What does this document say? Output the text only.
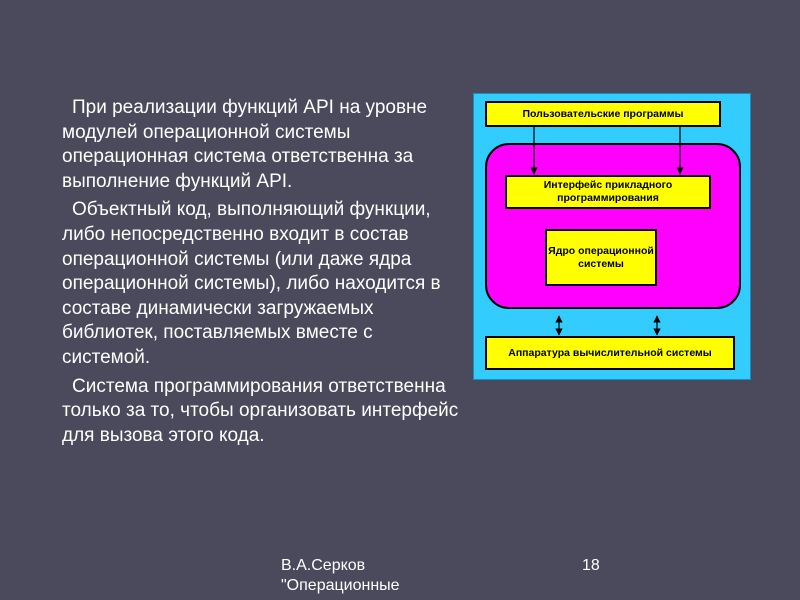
При реализации функций API на уровне модулей операционной системы операционная система ответственна за выполнение функций API.

Объектный код, выполняющий функции, либо непосредственно входит в состав операционной системы (или даже ядра операционной системы), либо находится в составе динамически загружаемых библиотек, поставляемых вместе с системой.

Система программирования ответственна только за то, чтобы организовать интерфейс для вызова этого кода.

Пользовательские программы
Интерфейс прикладного программирования
Ядро операционной системы
Аппаратура вычислительной системы
В.А.Серков
"Операционные
18
